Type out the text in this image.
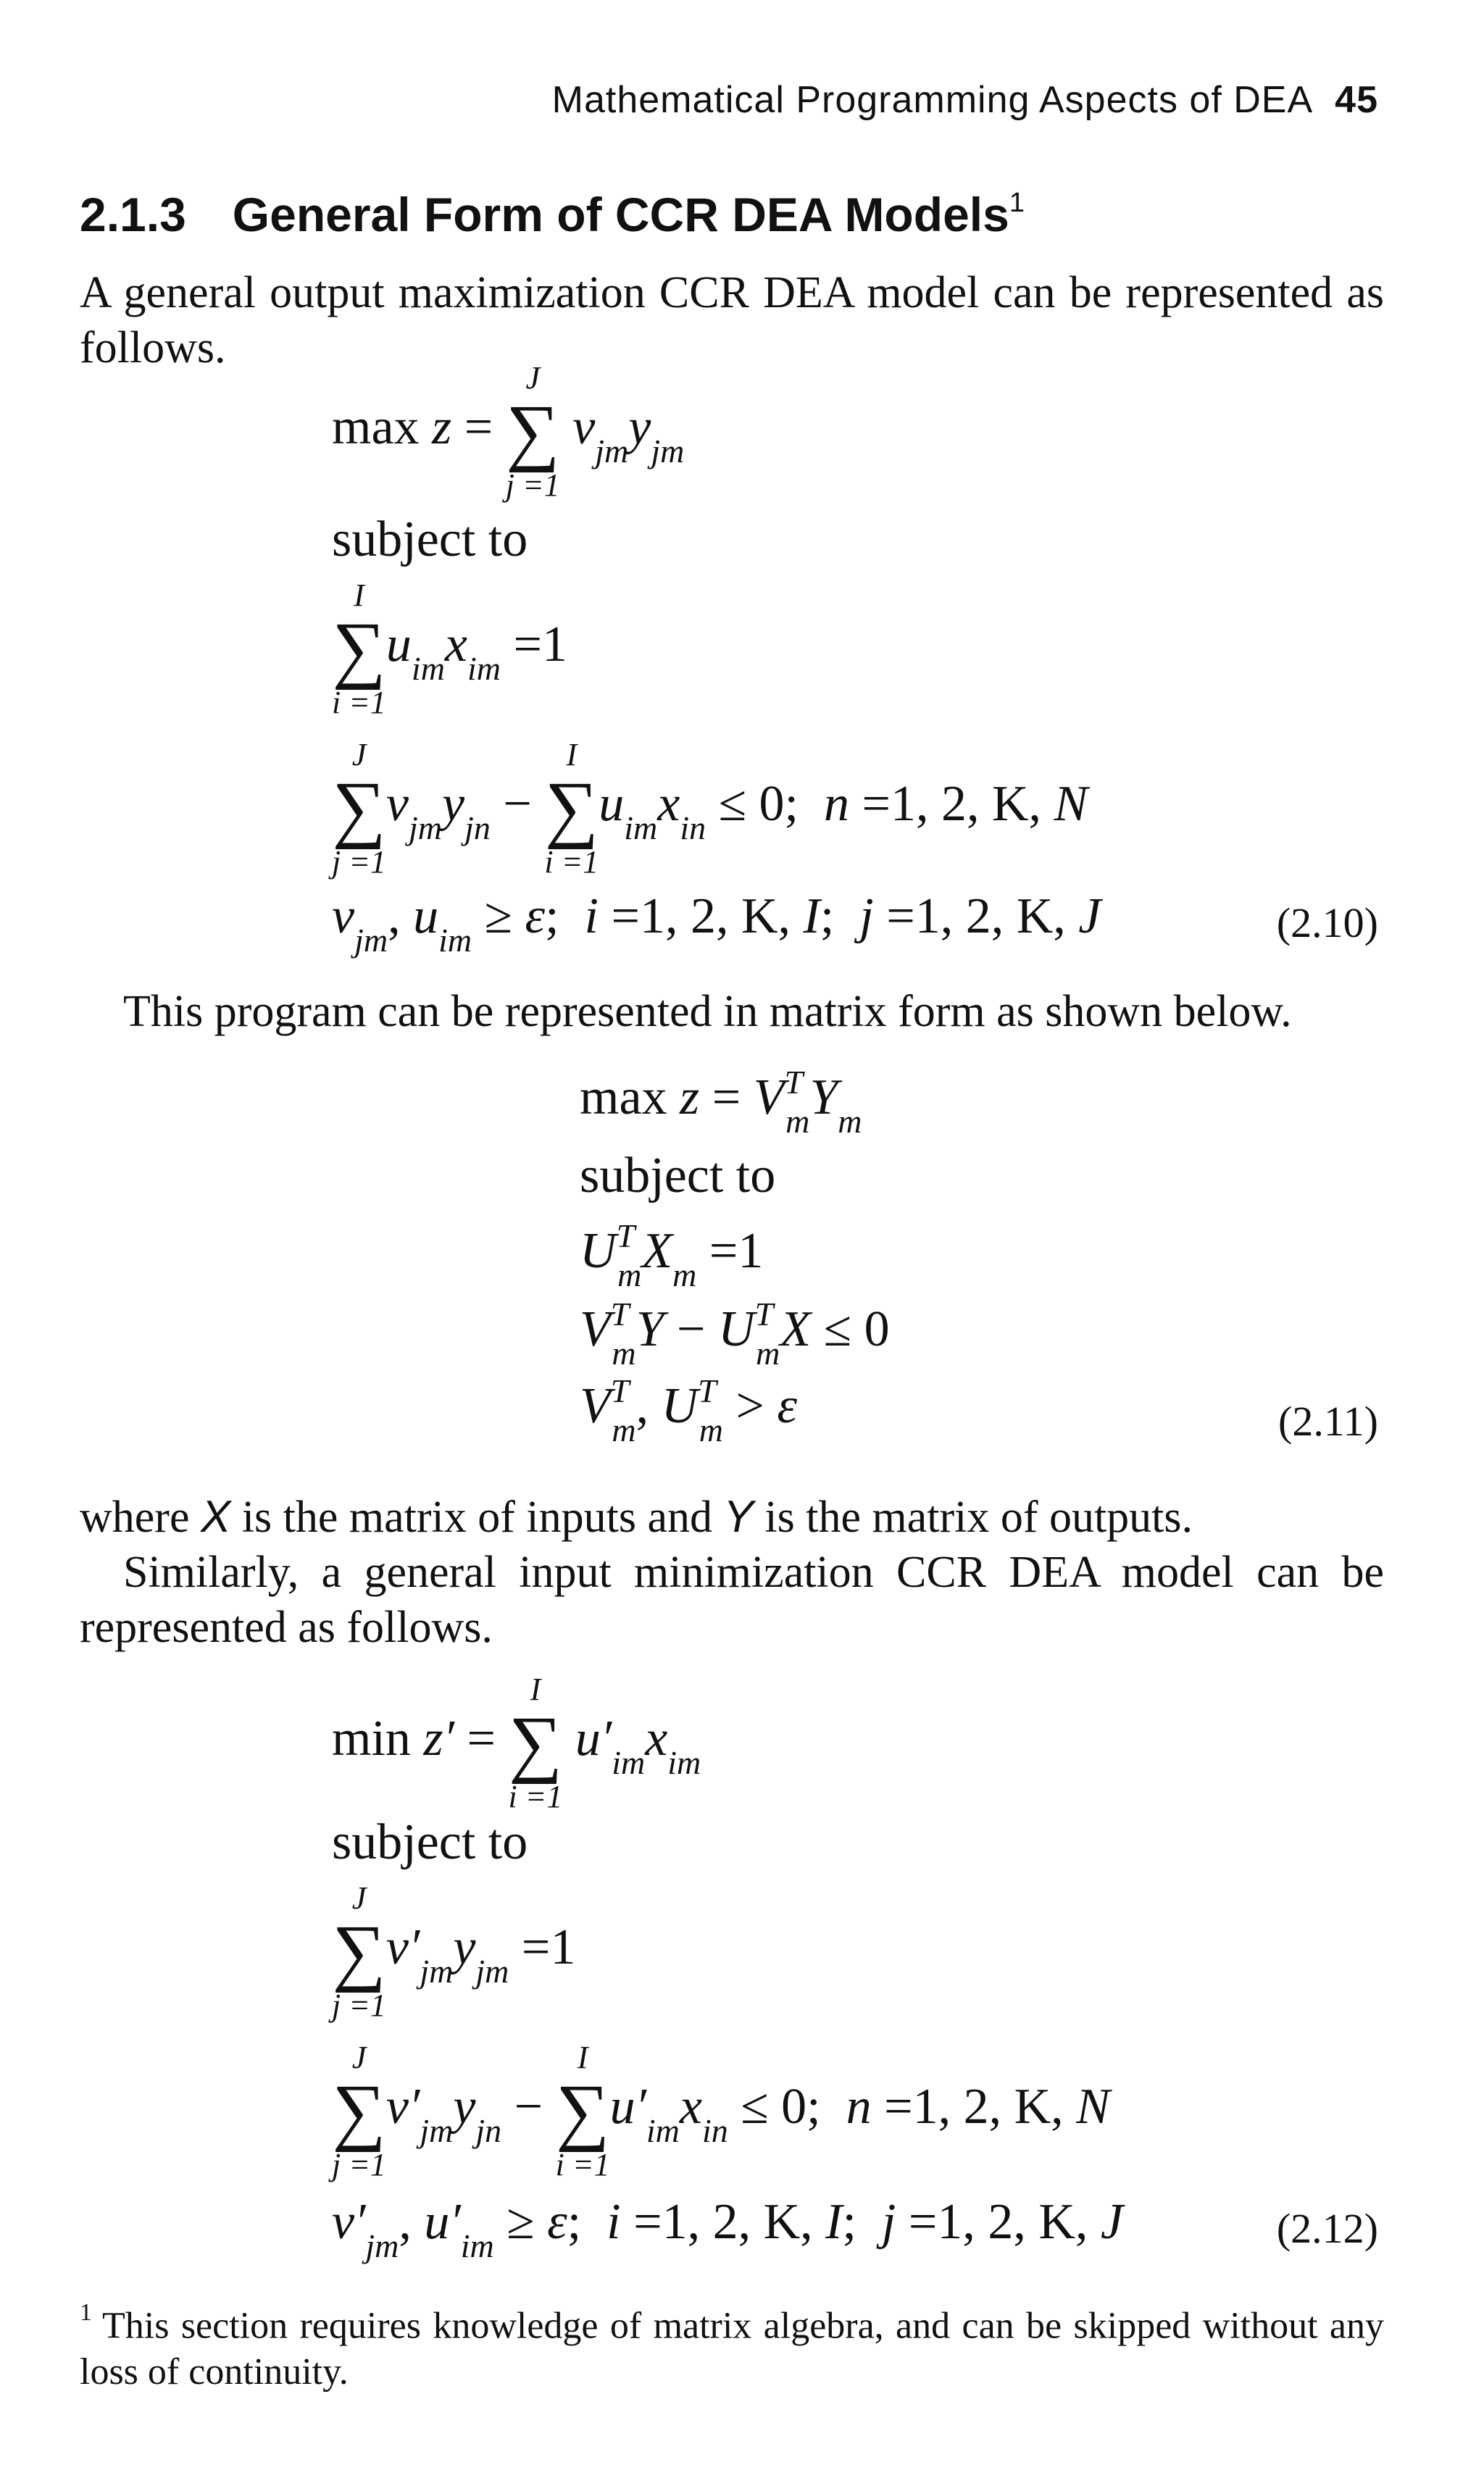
Mathematical Programming Aspects of DEA 45
2.1.3 General Form of CCR DEA Models$^1$
A general output maximization CCR DEA model can be represented as follows.
max z =
J
∑
j =1
$v_{jm}y_{jm}$
subject to
I
∑
i =1
$u_{im}x_{im} =1$
J
∑
j =1
$v_{jm}y_{jn}$ −
I
∑
i =1
$u_{im}x_{in} \le 0$;  n =1, 2, K, N
$v_{jm}$, $u_{im} \ge \varepsilon$;  i =1, 2, K, I;  j =1, 2, K, J	(2.10)
This program can be represented in matrix form as shown below.
$\max z = V^T_mY_m$
subject to
$U^T_mX_m =1$
$V^T_mY - U^T_mX \le 0$
$V^T_m$, $U^T_m > \varepsilon$	(2.11)
where X is the matrix of inputs and Y is the matrix of outputs.
Similarly, a general input minimization CCR DEA model can be represented as follows.
min z′ =
I
∑
i =1
$u'_{im}x_{im}$
subject to
J
∑
j =1
$v'_{jm}y_{jm} =1$
J
∑
j =1
$v'_{jm}y_{jn}$ −
I
∑
i =1
$u'_{im}x_{in} \le 0$;  n =1, 2, K, N
$v'_{jm}$, $u'_{im} \ge \varepsilon$;  i =1, 2, K, I;  j =1, 2, K, J	(2.12)
$^1$ This section requires knowledge of matrix algebra, and can be skipped without any loss of continuity.
